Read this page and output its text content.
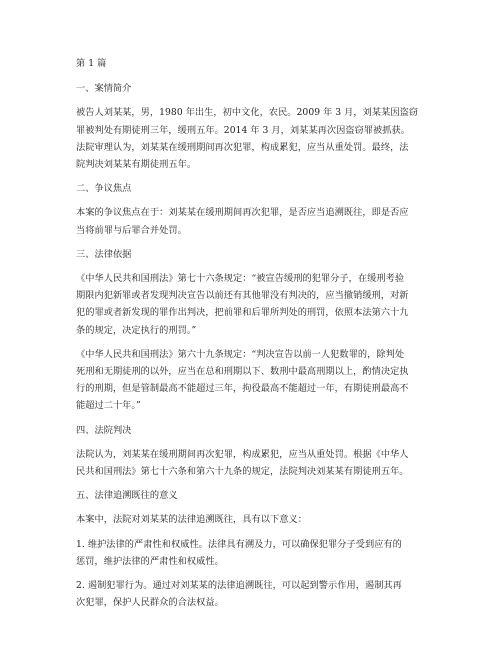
第 1 篇
一、案情简介
被告人刘某某，男，1980 年出生，初中文化，农民。2009 年 3 月，刘某某因盗窃
罪被判处有期徒刑三年，缓刑五年。2014 年 3 月，刘某某再次因盗窃罪被抓获。
法院审理认为，刘某某在缓刑期间再次犯罪，构成累犯，应当从重处罚。最终，法
院判决刘某某有期徒刑五年。
二、争议焦点
本案的争议焦点在于：刘某某在缓刑期间再次犯罪，是否应当追溯既往，即是否应
当将前罪与后罪合并处罚。
三、法律依据
《中华人民共和国刑法》第七十六条规定：“被宣告缓刑的犯罪分子，在缓刑考验
期限内犯新罪或者发现判决宣告以前还有其他罪没有判决的，应当撤销缓刑，对新
犯的罪或者新发现的罪作出判决，把前罪和后罪所判处的刑罚，依照本法第六十九
条的规定，决定执行的刑罚。”
《中华人民共和国刑法》第六十九条规定：“判决宣告以前一人犯数罪的，除判处
死刑和无期徒刑的以外，应当在总和刑期以下、数刑中最高刑期以上，酌情决定执
行的刑期，但是管制最高不能超过三年，拘役最高不能超过一年，有期徒刑最高不
能超过二十年。”
四、法院判决
法院认为，刘某某在缓刑期间再次犯罪，构成累犯，应当从重处罚。根据《中华人
民共和国刑法》第七十六条和第六十九条的规定，法院判决刘某某有期徒刑五年。
五、法律追溯既往的意义
本案中，法院对刘某某的法律追溯既往，具有以下意义：
1. 维护法律的严肃性和权威性。法律具有溯及力，可以确保犯罪分子受到应有的
惩罚，维护法律的严肃性和权威性。
2. 遏制犯罪行为。通过对刘某某的法律追溯既往，可以起到警示作用，遏制其再
次犯罪，保护人民群众的合法权益。
